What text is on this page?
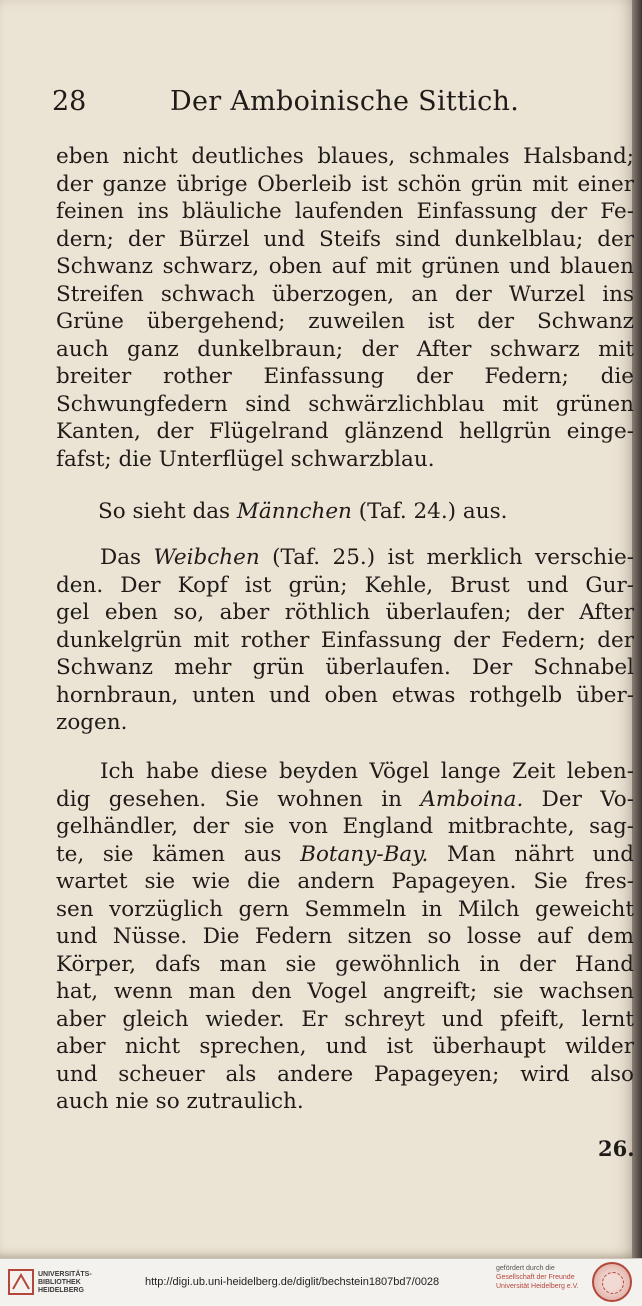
28	Der Amboinische Sittich.
eben nicht deutliches blaues, schmales Halsband;
der ganze übrige Oberleib ist schön grün mit einer
feinen ins bläuliche laufenden Einfassung der Fe-
dern; der Bürzel und Steifs sind dunkelblau; der
Schwanz schwarz, oben auf mit grünen und blauen
Streifen schwach überzogen, an der Wurzel ins
Grüne übergehend; zuweilen ist der Schwanz
auch ganz dunkelbraun; der After schwarz mit
breiter rother Einfassung der Federn; die
Schwungfedern sind schwärzlichblau mit grünen
Kanten, der Flügelrand glänzend hellgrün einge-
fafst; die Unterflügel schwarzblau.
So sieht das Männchen (Taf. 24.) aus.
Das Weibchen (Taf. 25.) ist merklich verschie-
den. Der Kopf ist grün; Kehle, Brust und Gur-
gel eben so, aber röthlich überlaufen; der After
dunkelgrün mit rother Einfassung der Federn; der
Schwanz mehr grün überlaufen. Der Schnabel
hornbraun, unten und oben etwas rothgelb über-
zogen.
Ich habe diese beyden Vögel lange Zeit leben-
dig gesehen. Sie wohnen in Amboina. Der Vo-
gelhändler, der sie von England mitbrachte, sag-
te, sie kämen aus Botany-Bay. Man nährt und
wartet sie wie die andern Papageyen. Sie fres-
sen vorzüglich gern Semmeln in Milch geweicht
und Nüsse. Die Federn sitzen so losse auf dem
Körper, dafs man sie gewöhnlich in der Hand
hat, wenn man den Vogel angreift; sie wachsen
aber gleich wieder. Er schreyt und pfeift, lernt
aber nicht sprechen, und ist überhaupt wilder
und scheuer als andere Papageyen; wird also
auch nie so zutraulich.
26.
UNIVERSITÄTS-
BIBLIOTHEK
HEIDELBERG
http://digi.ub.uni-heidelberg.de/diglit/bechstein1807bd7/0028
gefördert durch die
Gesellschaft der Freunde
Universität Heidelberg e.V.
